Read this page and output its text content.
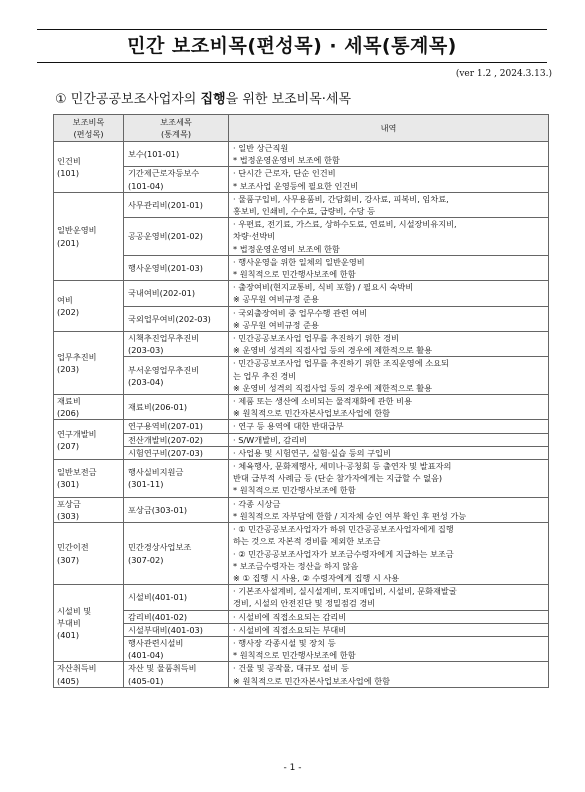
민간 보조비목(편성목) · 세목(통계목)
(ver 1.2 , 2024.3.13.)
① 민간공공보조사업자의 집행을 위한 보조비목·세목
보조비목
(편성목)	보조세목
(통계목)	내역
인건비
(101)	보수(101-01)	· 일반 상근직원
* 법정운영운영비 보조에 한함

	기간제근로자등보수
(101-04)	· 단시간 근로자, 단순 인건비
* 보조사업 운영등에 필요한 인건비

일반운영비
(201)	사무관리비(201-01)	· 물품구입비, 사무용품비, 간담회비, 강사료, 피복비, 임차료,
홍보비, 인쇄비, 수수료, 급량비, 수당 등

	공공운영비(201-02)	· 우편료, 전기료, 가스료, 상하수도료, 연료비, 시설장비유지비,
차량·선박비
* 법정운영운영비 보조에 한함

	행사운영비(201-03)	· 행사운영을 위한 일체의 일반운영비
* 원칙적으로 민간행사보조에 한함

여비
(202)	국내여비(202-01)	· 출장여비(현지교통비, 식비 포함) / 필요시 숙박비
※ 공무원 여비규정 준용

	국외업무여비(202-03)	· 국외출장여비 중 업무수행 관련 여비
※ 공무원 여비규정 준용

업무추진비
(203)	시책추진업무추진비
(203-03)	· 민간공공보조사업 업무를 추진하기 위한 경비
※ 운영비 성격의 직접사업 등의 경우에 제한적으로 활용

	부서운영업무추진비
(203-04)	· 민간공공보조사업 업무를 추진하기 위한 조직운영에 소요되
는 업무 추진 경비
※ 운영비 성격의 직접사업 등의 경우에 제한적으로 활용

재료비
(206)	재료비(206-01)	· 제품 또는 생산에 소비되는 물적재화에 관한 비용
※ 원칙적으로 민간자본사업보조사업에 한함

연구개발비
(207)	연구용역비(207-01)	· 연구 등 용역에 대한 반대급부

	전산개발비(207-02)	· S/W개발비, 감리비

	시험연구비(207-03)	· 사업용 및 시험연구, 실험·실습 등의 구입비

일반보전금
(301)	행사실비지원금
(301-11)	· 체육행사, 문화제행사, 세미나·공청회 등 출연자 및 발표자의
반대 급부적 사례금 등 (단순 참가자에게는 지급할 수 없음)
* 원칙적으로 민간행사보조에 한함

포상금
(303)	포상금(303-01)	· 각종 시상금
* 원칙적으로 자부담에 한함 / 지자체 승인 여부 확인 후 편성 가능

민간이전
(307)	민간경상사업보조
(307-02)	· ① 민간공공보조사업자가 하위 민간공공보조사업자에게 집행
하는 것으로 자본적 경비를 제외한 보조금
· ② 민간공공보조사업자가 보조금수령자에게 지급하는 보조금
* 보조금수령자는 정산을 하지 않음
※ ① 집행 시 사용, ② 수령자에게 집행 시 사용

시설비 및
부대비
(401)	시설비(401-01)	· 기본조사설계비, 실시설계비, 토지매입비, 시설비, 문화재발굴
경비, 시설의 안전진단 및 정밀점검 경비

	감리비(401-02)	· 시설비에 직접소요되는 감리비

	시설부대비(401-03)	· 시설비에 직접소요되는 부대비

	행사관련시설비
(401-04)	· 행사장 각종시설 및 장치 등
* 원칙적으로 민간행사보조에 한함

자산취득비
(405)	자산 및 물품취득비
(405-01)	· 건물 및 공작물, 대규모 설비 등
※ 원칙적으로 민간자본사업보조사업에 한함
- 1 -
